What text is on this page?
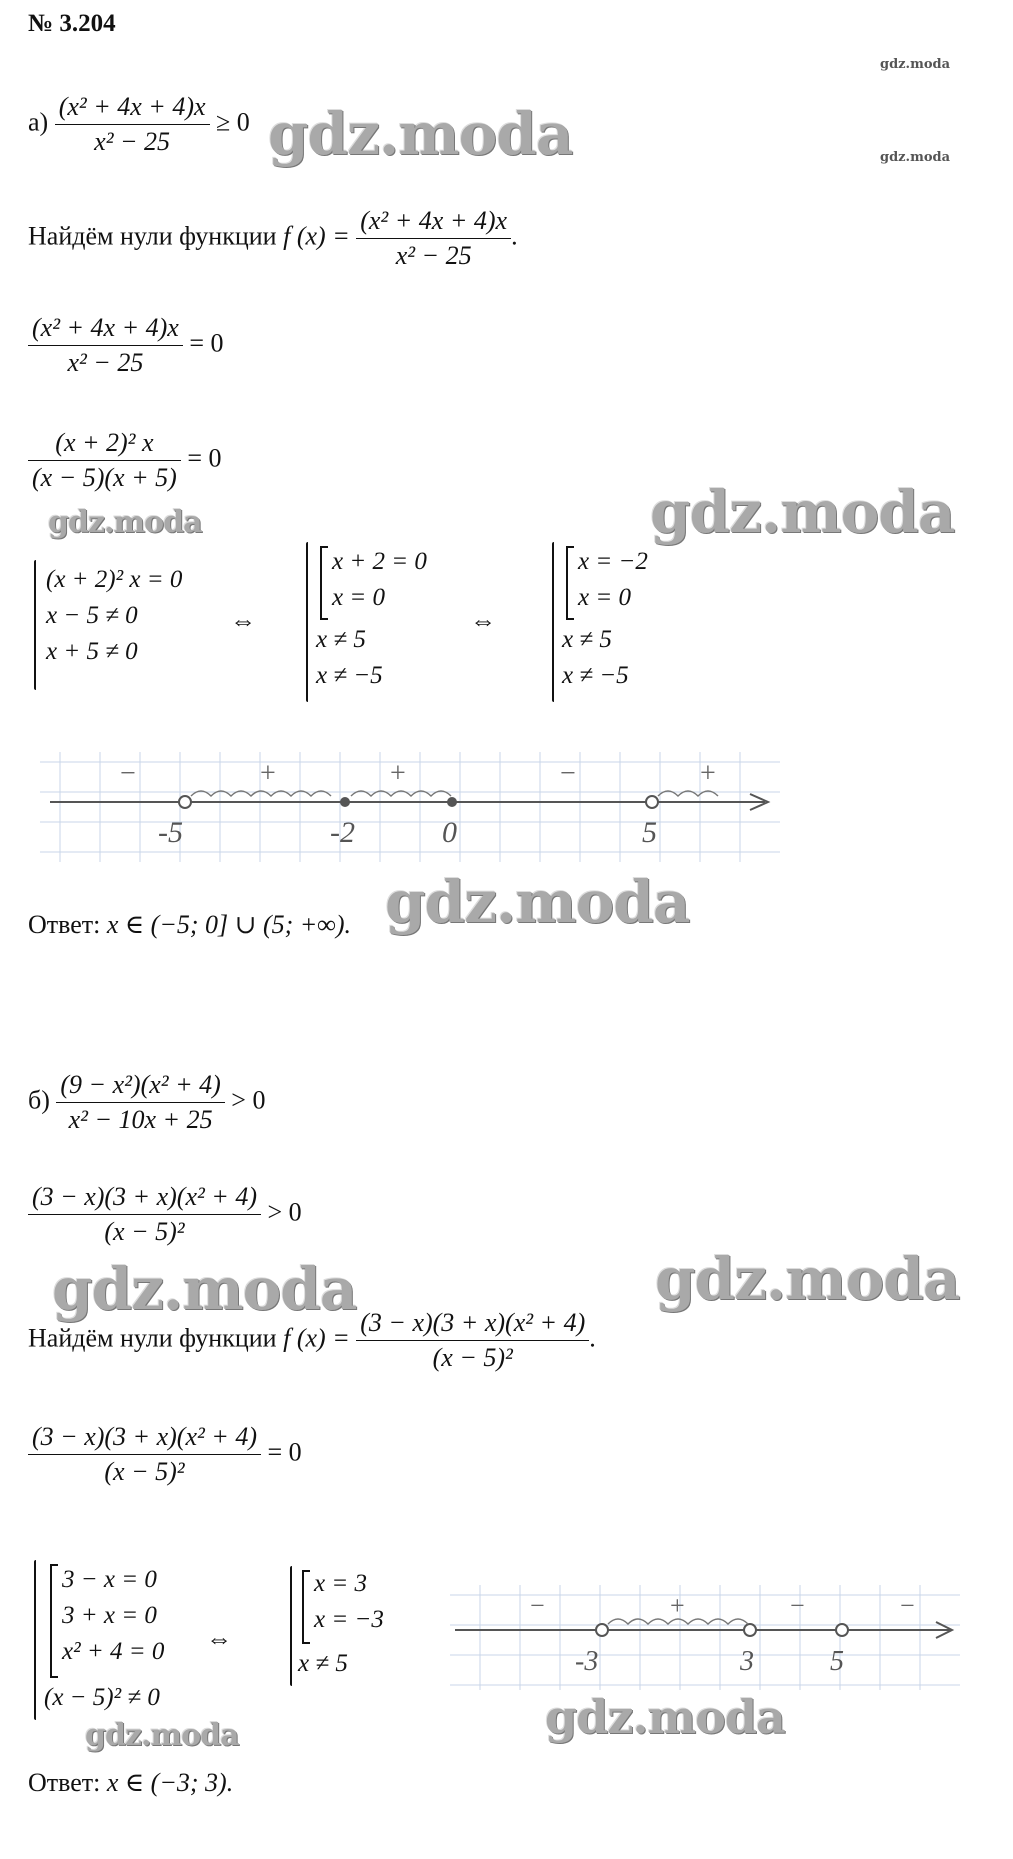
№ 3.204
gdz.moda
gdz.moda
$а) \frac{\text{(x² + 4x + 4)x}}{\text{x² − 25}} \ge 0$ gdz.moda
Найдём нули функции f $(x) = \frac{\text{(x² + 4x + 4)x}}{\text{x² − 25}}$ .
$\frac{\text{(x² + 4x + 4)x}}{\text{x² − 25}} = 0$
$\frac{\text{(x + 2)² x}}{(x - 5)(x + 5)} = 0$
gdz.moda	gdz.moda
(x + 2)² x = 0
x − 5 ≠ 0
x + 5 ≠ 0
⇔
x + 2 = 0
x = 0
x ≠ 5
x ≠ −5
⇔
x = −2
x = 0
x ≠ 5
x ≠ −5
−	+	+	−	+
-5	-2	0	5
gdz.moda
Ответ: x ∈ (−5; 0] ∪ (5; +∞).
$б) \frac{\text{(9 − x²)(x² + 4)}}{\text{x² − 10x + 25}} > 0$
$\frac{\text{(3 − x)(3 + x)(x² + 4)}}{\text{(x − 5)²}} > 0$
gdz.moda	gdz.moda
Найдём нули функции f $(x) = \frac{\text{(3 − x)(3 + x)(x² + 4)}}{\text{(x − 5)²}}$ .
$\frac{\text{(3 − x)(3 + x)(x² + 4)}}{\text{(x − 5)²}} = 0$
3 − x = 0
3 + x = 0
x² + 4 = 0
(x − 5)² ≠ 0
⇔
x = 3
x = −3
x ≠ 5
−	+	−	−
-3	3	5
gdz.moda
gdz.moda
Ответ: x ∈ (−3; 3).
